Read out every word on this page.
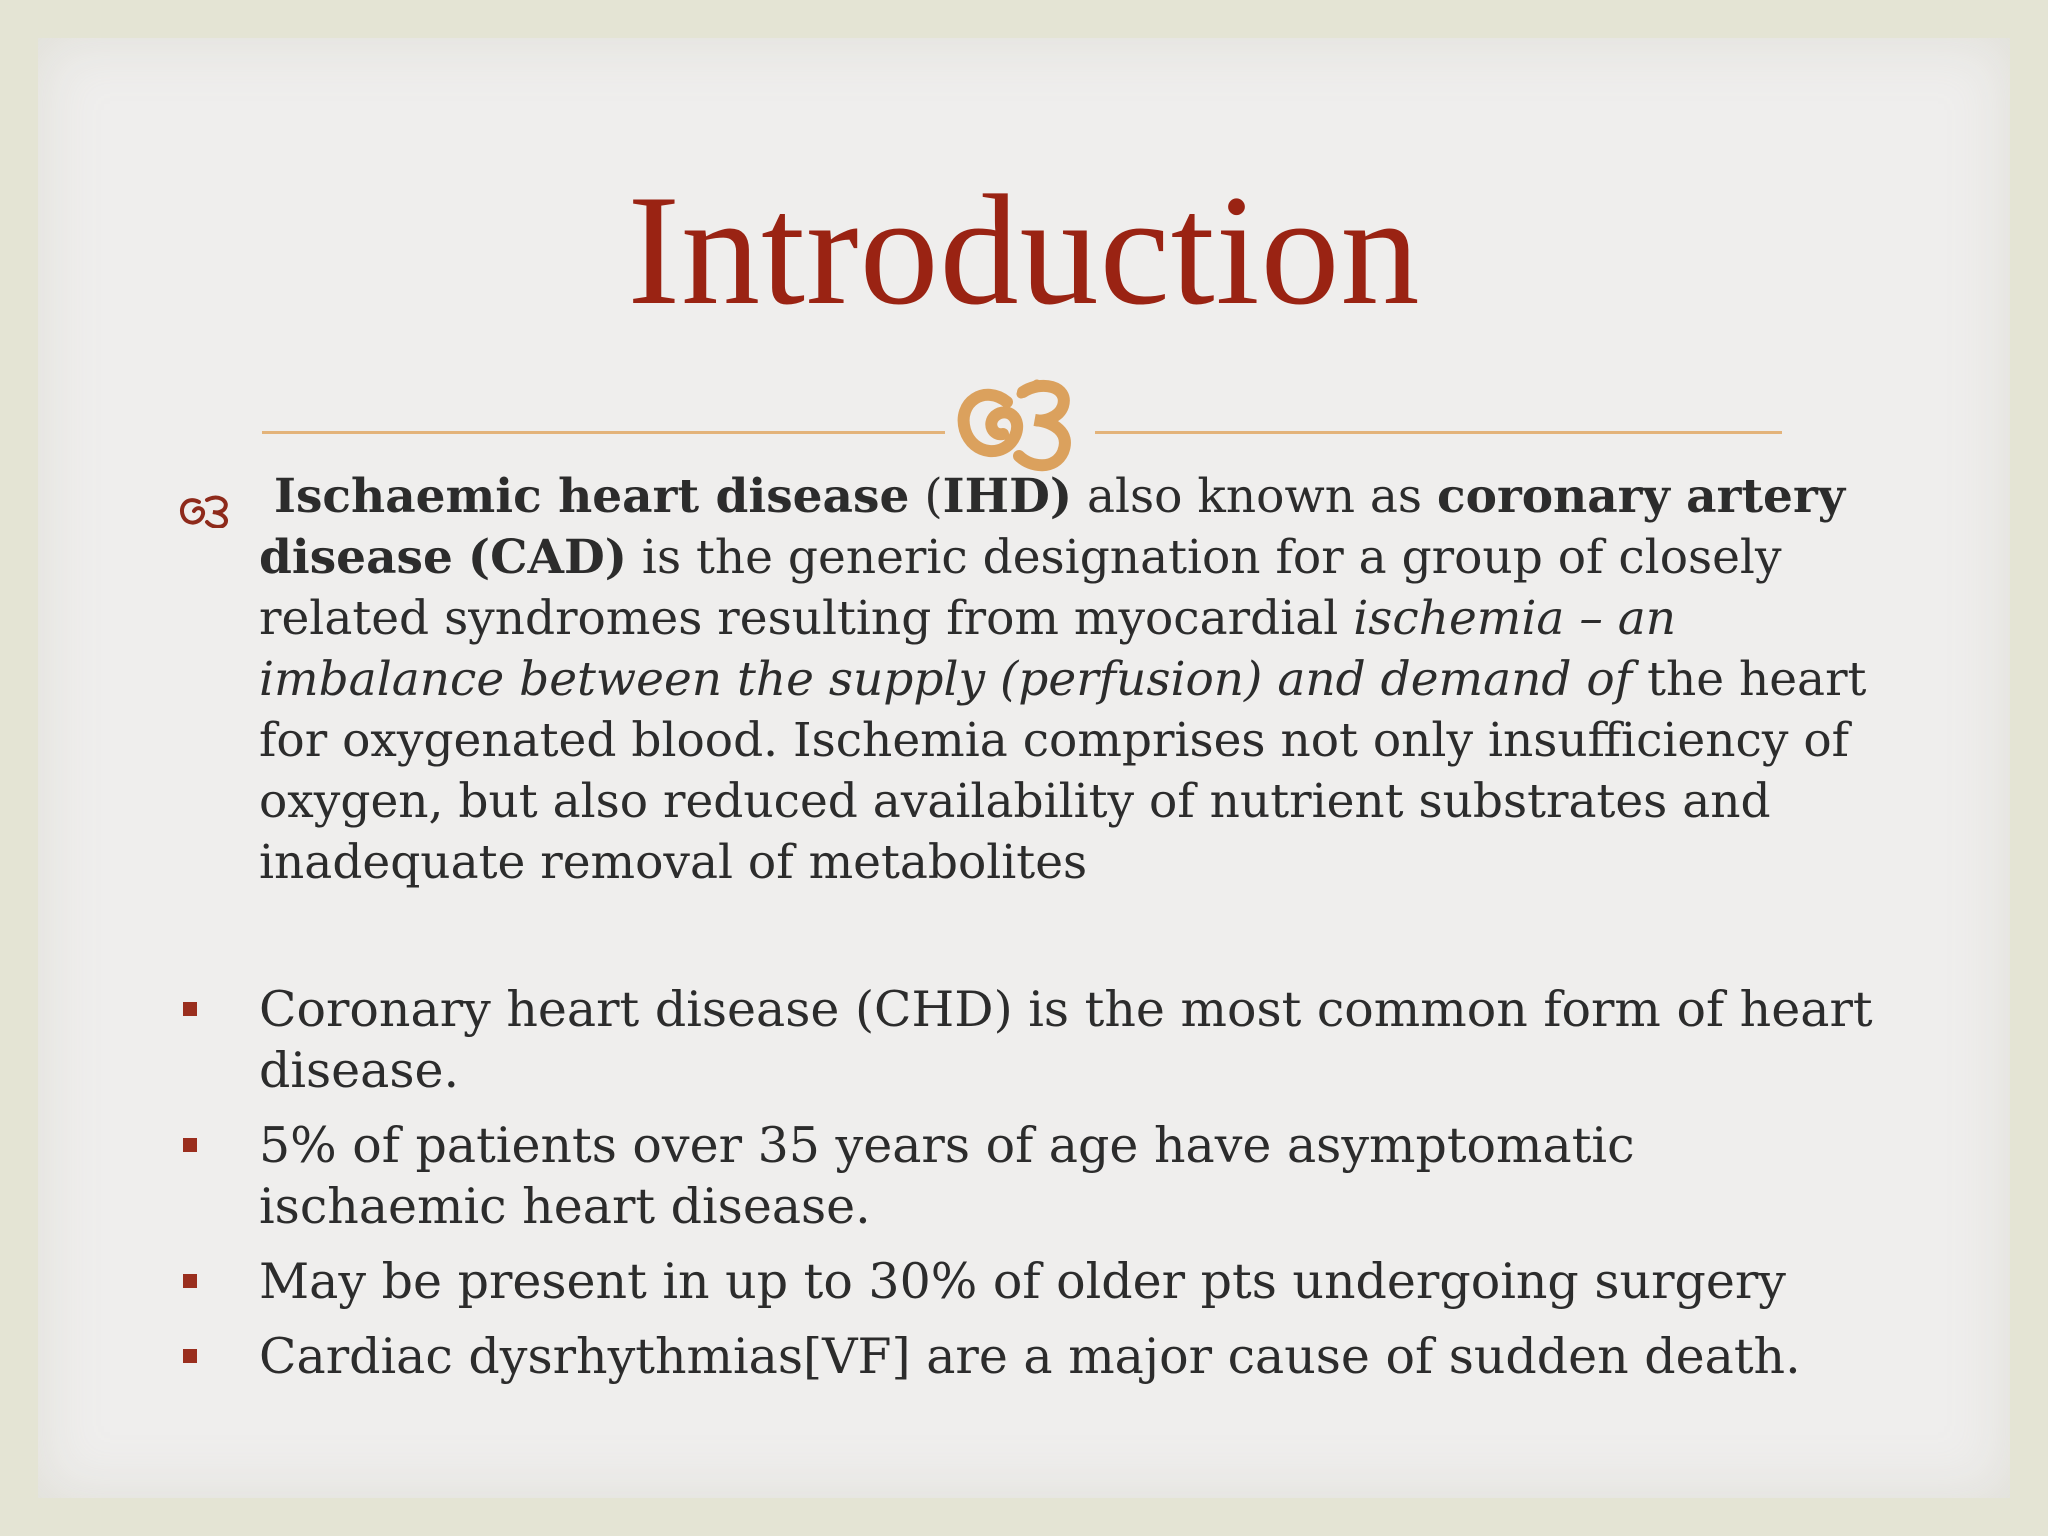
Introduction
Ischaemic heart disease (IHD) also known as coronary artery disease (CAD) is the generic designation for a group of closely related syndromes resulting from myocardial ischemia – an imbalance between the supply (perfusion) and demand of the heart for oxygenated blood. Ischemia comprises not only insufficiency of oxygen, but also reduced availability of nutrient substrates and inadequate removal of metabolites
Coronary heart disease (CHD) is the most common form of heart disease.
5% of patients over 35 years of age have asymptomatic ischaemic heart disease.
May be present in up to 30% of older pts undergoing surgery
Cardiac dysrhythmias[VF] are a major cause of sudden death.
